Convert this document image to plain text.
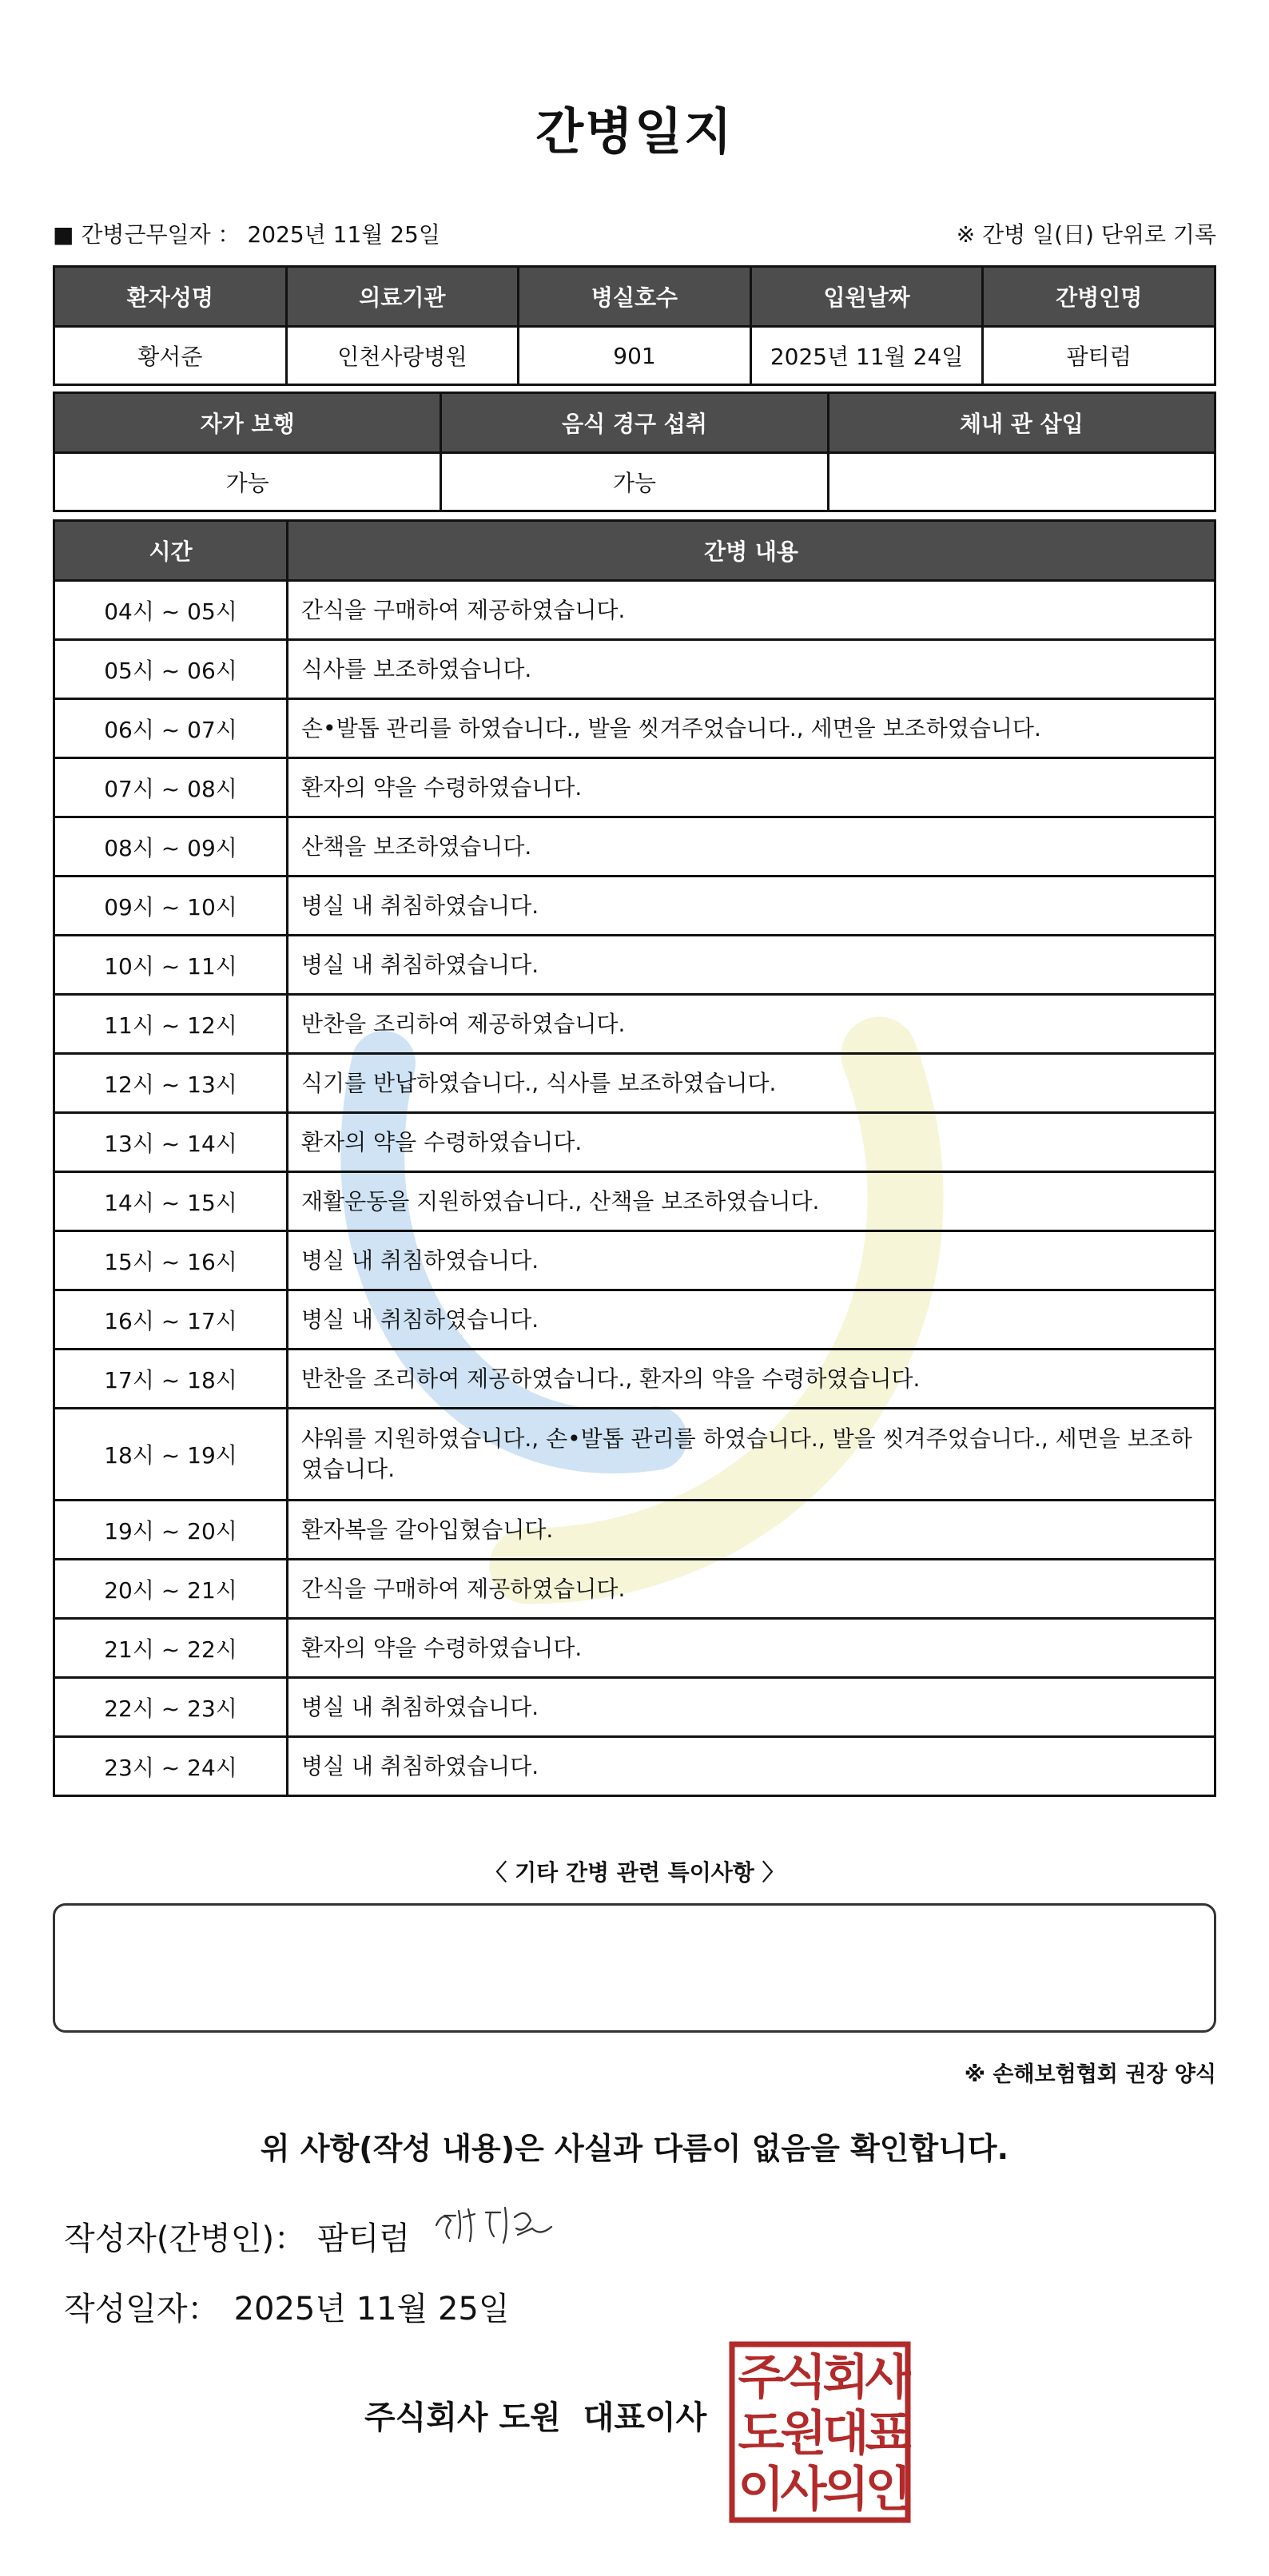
간병일지
■ 간병근무일자 ： 2025년 11월 25일	※ 간병 일(日) 단위로 기록
환자성명	의료기관	병실호수	입원날짜	간병인명
황서준	인천사랑병원	901	2025년 11월 24일	팜티럼
자가 보행	음식 경구 섭취	체내 관 삽입
가능	가능	
시간	간병 내용
04시 ~ 05시	간식을 구매하여 제공하였습니다.
05시 ~ 06시	식사를 보조하였습니다.
06시 ~ 07시	손•발톱 관리를 하였습니다., 발을 씻겨주었습니다., 세면을 보조하였습니다.
07시 ~ 08시	환자의 약을 수령하였습니다.
08시 ~ 09시	산책을 보조하였습니다.
09시 ~ 10시	병실 내 취침하였습니다.
10시 ~ 11시	병실 내 취침하였습니다.
11시 ~ 12시	반찬을 조리하여 제공하였습니다.
12시 ~ 13시	식기를 반납하였습니다., 식사를 보조하였습니다.
13시 ~ 14시	환자의 약을 수령하였습니다.
14시 ~ 15시	재활운동을 지원하였습니다., 산책을 보조하였습니다.
15시 ~ 16시	병실 내 취침하였습니다.
16시 ~ 17시	병실 내 취침하였습니다.
17시 ~ 18시	반찬을 조리하여 제공하였습니다., 환자의 약을 수령하였습니다.
18시 ~ 19시	샤워를 지원하였습니다., 손•발톱 관리를 하였습니다., 발을 씻겨주었습니다., 세면을 보조하였습니다.
19시 ~ 20시	환자복을 갈아입혔습니다.
20시 ~ 21시	간식을 구매하여 제공하였습니다.
21시 ~ 22시	환자의 약을 수령하였습니다.
22시 ~ 23시	병실 내 취침하였습니다.
23시 ~ 24시	병실 내 취침하였습니다.
〈 기타 간병 관련 특이사항 〉
※ 손해보험협회 권장 양식
위 사항(작성 내용)은 사실과 다름이 없음을 확인합니다.
작성자(간병인)： 팜티럼
작성일자： 2025년 11월 25일
주식회사 도원 대표이사
주
식
회
사
도
원
대
표
이
사
의
인
